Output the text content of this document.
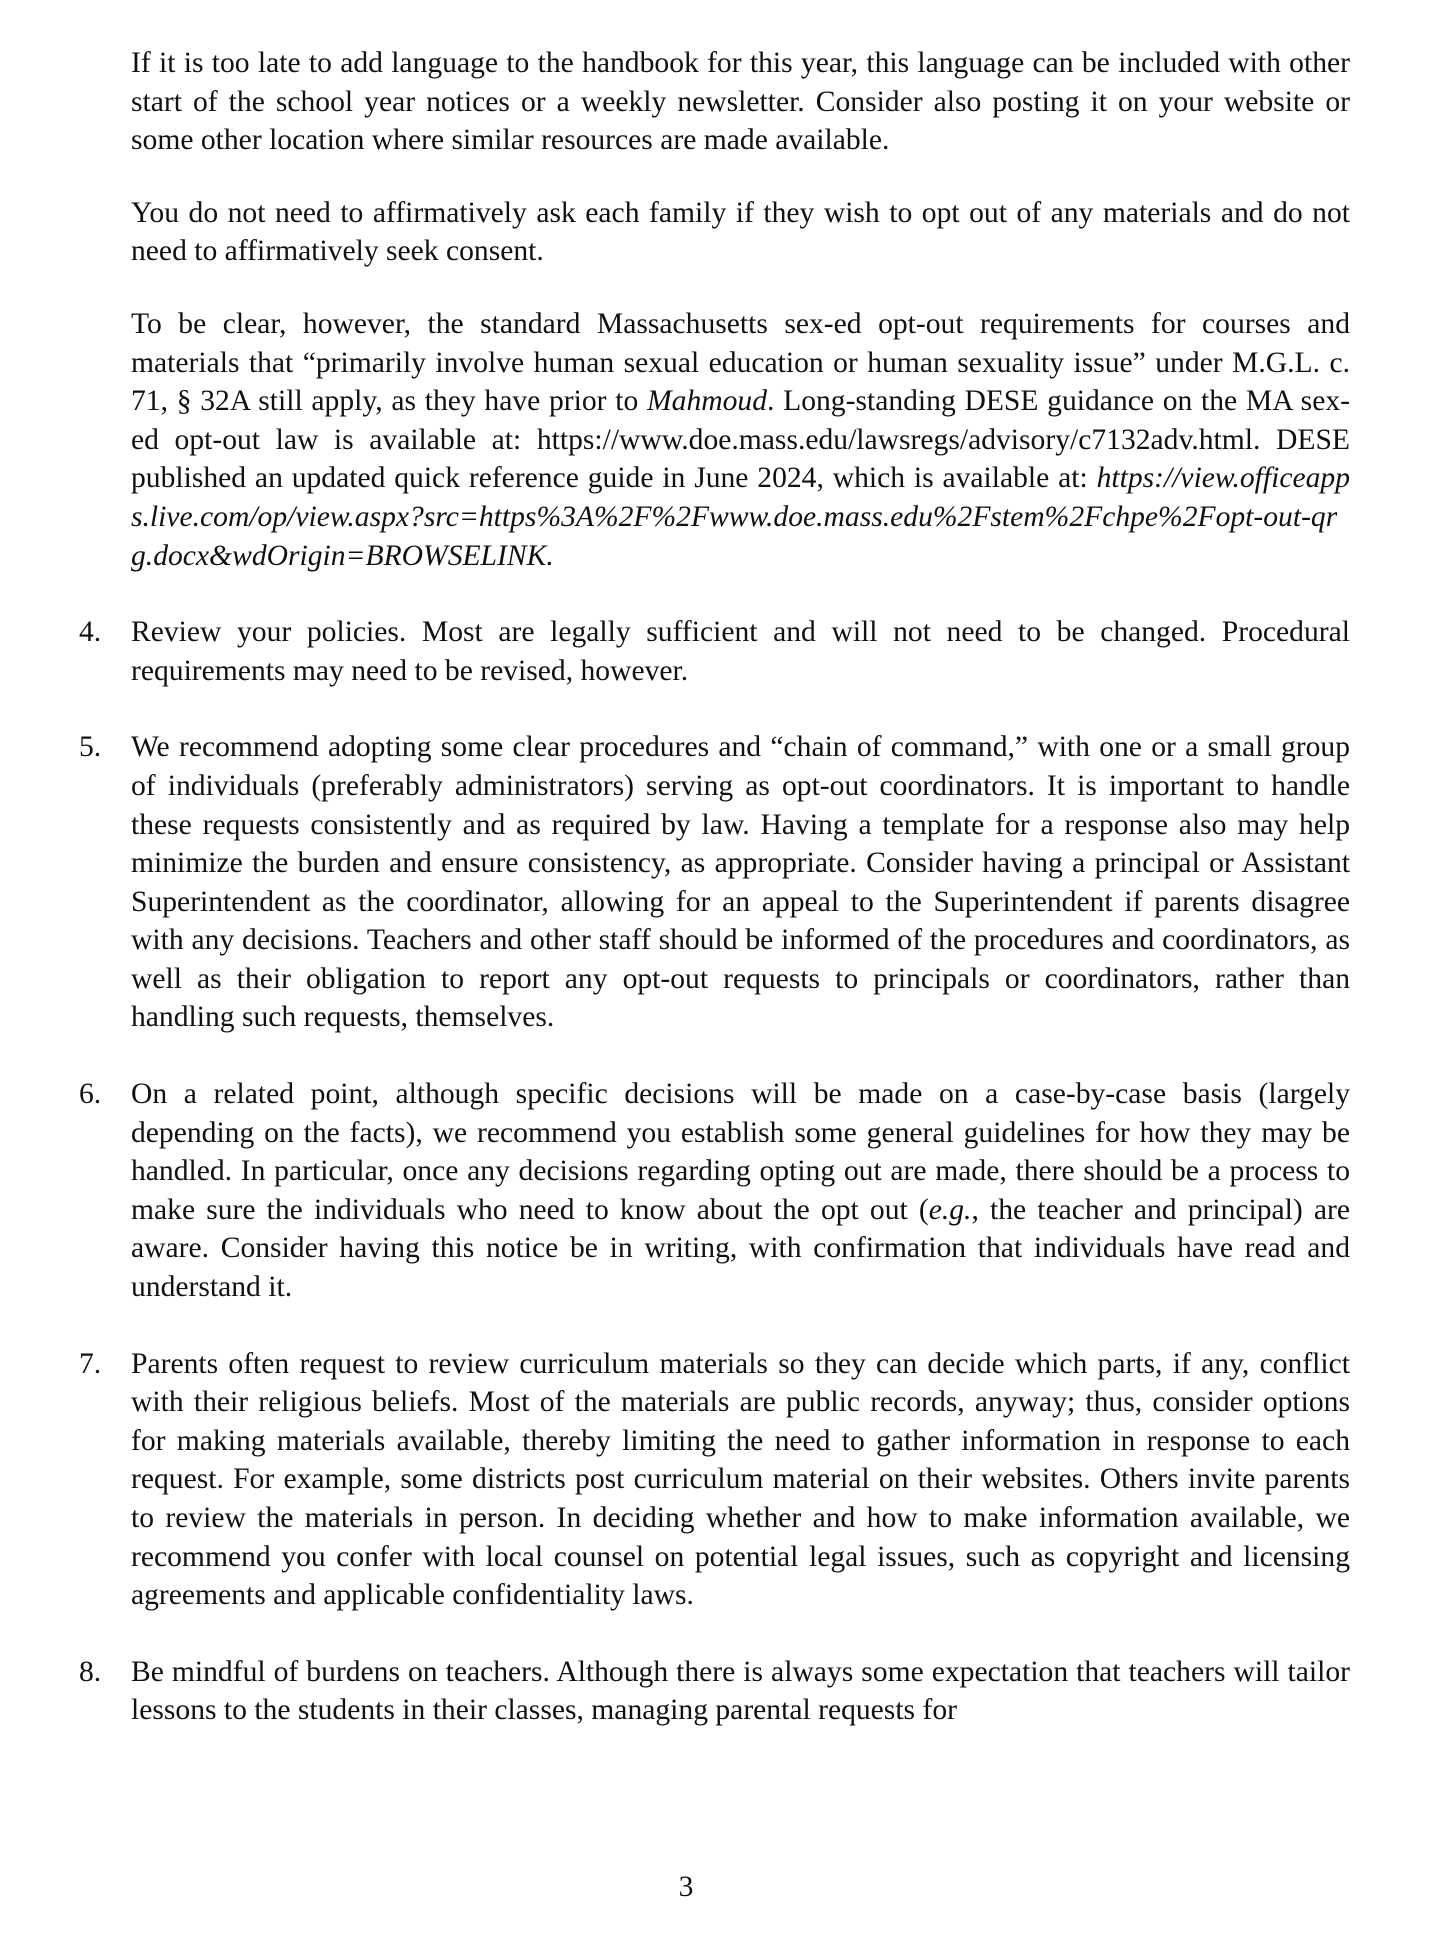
If it is too late to add language to the handbook for this year, this language can be included with other start of the school year notices or a weekly newsletter. Consider also posting it on your website or some other location where similar resources are made available.

You do not need to affirmatively ask each family if they wish to opt out of any materials and do not need to affirmatively seek consent.

To be clear, however, the standard Massachusetts sex-ed opt-out requirements for courses and materials that “primarily involve human sexual education or human sexuality issue” under M.G.L. c. 71, § 32A still apply, as they have prior to Mahmoud. Long-standing DESE guidance on the MA sex-ed opt-out law is available at: https://www.doe.mass.edu/lawsregs/advisory/c7132adv.html. DESE published an updated quick reference guide in June 2024, which is available at: https://view.officeapps.live.com/op/view.aspx?src=https%3A%2F%2Fwww.doe.mass.edu%2Fstem%2Fchpe%2Fopt-out-qrg.docx&wdOrigin=BROWSELINK.

4. Review your policies. Most are legally sufficient and will not need to be changed. Procedural requirements may need to be revised, however.
5. We recommend adopting some clear procedures and “chain of command,” with one or a small group of individuals (preferably administrators) serving as opt-out coordinators. It is important to handle these requests consistently and as required by law. Having a template for a response also may help minimize the burden and ensure consistency, as appropriate. Consider having a principal or Assistant Superintendent as the coordinator, allowing for an appeal to the Superintendent if parents disagree with any decisions. Teachers and other staff should be informed of the procedures and coordinators, as well as their obligation to report any opt-out requests to principals or coordinators, rather than handling such requests, themselves.
6. On a related point, although specific decisions will be made on a case-by-case basis (largely depending on the facts), we recommend you establish some general guidelines for how they may be handled. In particular, once any decisions regarding opting out are made, there should be a process to make sure the individuals who need to know about the opt out (e.g., the teacher and principal) are aware. Consider having this notice be in writing, with confirmation that individuals have read and understand it.
7. Parents often request to review curriculum materials so they can decide which parts, if any, conflict with their religious beliefs. Most of the materials are public records, anyway; thus, consider options for making materials available, thereby limiting the need to gather information in response to each request. For example, some districts post curriculum material on their websites. Others invite parents to review the materials in person. In deciding whether and how to make information available, we recommend you confer with local counsel on potential legal issues, such as copyright and licensing agreements and applicable confidentiality laws.
8. Be mindful of burdens on teachers. Although there is always some expectation that teachers will tailor lessons to the students in their classes, managing parental requests for
3
